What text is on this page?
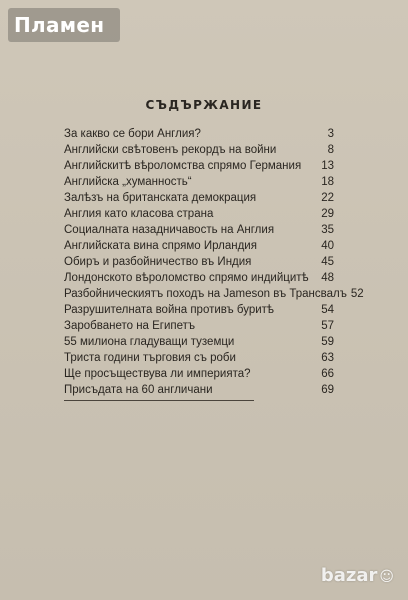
Пламен
СЪДЪРЖАНИЕ
За какво се бори Англия?	3
Английски свѣтовенъ рекордъ на войни	8
Английскитѣ вѣроломства спрямо Германия	13
Английска „хуманность“	18
Залѣзъ на британската демокрация	22
Англия като класова страна	29
Социалната назадничавость на Англия	35
Английската вина спрямо Ирландия	40
Обиръ и разбойничество въ Индия	45
Лондонското вѣроломство спрямо индийцитѣ	48
Разбойническиятъ походъ на Jameson въ Трансвалъ 52
Разрушителната война противъ буритѣ	54
Заробването на Египетъ	57
55 милиона гладуващи туземци	59
Триста години търговия съ роби	63
Ще просъществува ли империята?	66
Присъдата на 60 англичани	69
bazar ☺
